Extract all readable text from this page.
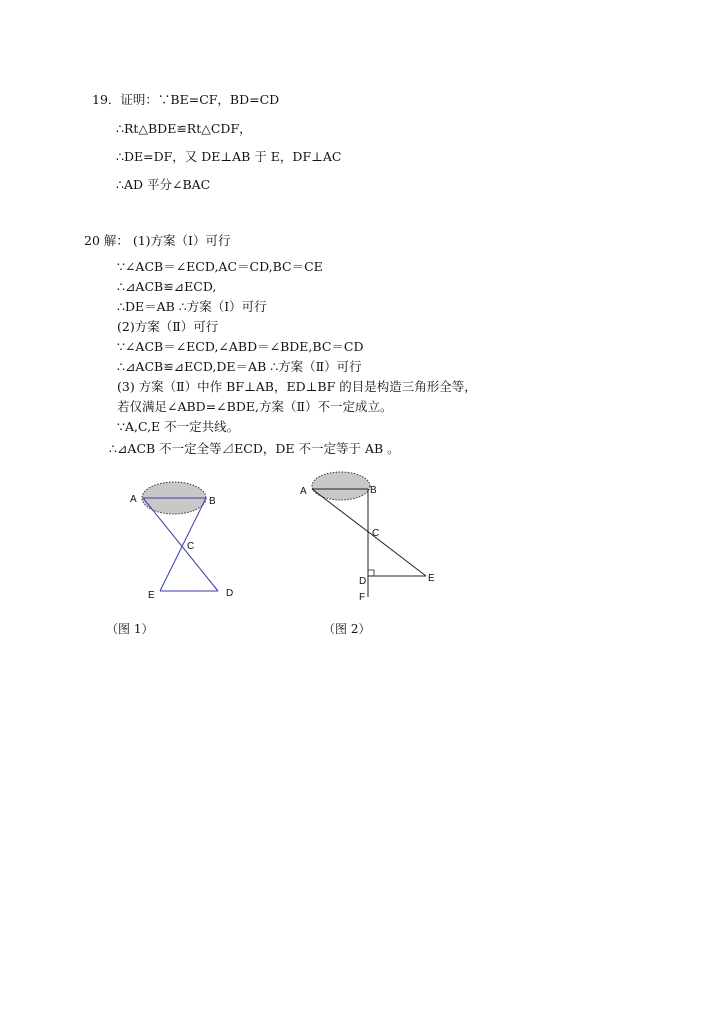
19．证明：∵BE=CF，BD=CD
∴Rt△BDE≌Rt△CDF，
∴DE=DF，又 DE⊥AB 于 E，DF⊥AC
∴AD 平分∠BAC
20 解： (1)方案（Ⅰ）可行
∵∠ACB＝∠ECD,AC＝CD,BC＝CE
∴⊿ACB≌⊿ECD,
∴DE＝AB ∴方案（Ⅰ）可行
(2)方案（Ⅱ）可行
∵∠ACB＝∠ECD,∠ABD＝∠BDE,BC＝CD
∴⊿ACB≌⊿ECD,DE＝AB ∴方案（Ⅱ）可行
(3) 方案（Ⅱ）中作 BF⊥AB，ED⊥BF 的目是构造三角形全等，
若仅满足∠ABD=∠BDE,方案（Ⅱ）不一定成立。
∵A,C,E 不一定共线。
∴⊿ACB 不一定全等⊿ECD，DE 不一定等于 AB 。
A	B
C
E	D
A	B
C
D	E
F
（图 1）	（图 2）
